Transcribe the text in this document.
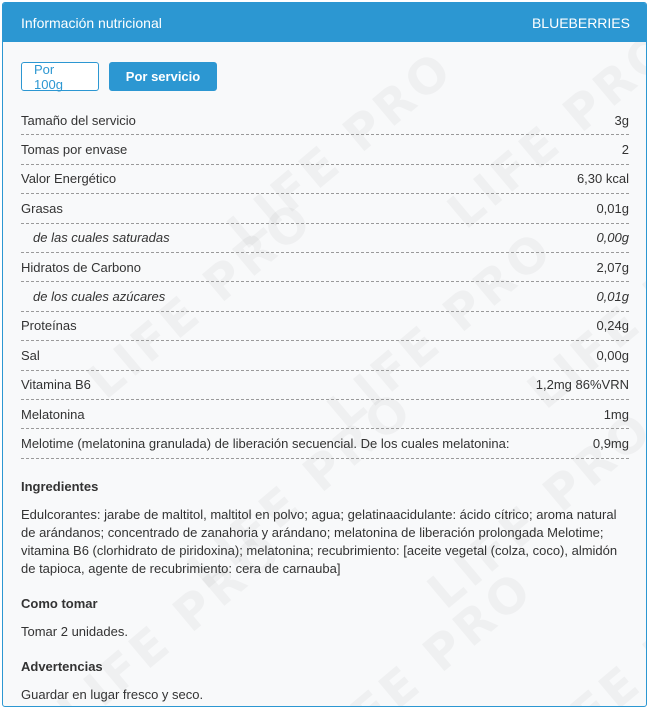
Información nutricional	BLUEBERRIES
Por 100g	Por servicio
Tamaño del servicio	3g
Tomas por envase	2
Valor Energético	6,30 kcal
Grasas	0,01g
de las cuales saturadas	0,00g
Hidratos de Carbono	2,07g
de los cuales azúcares	0,01g
Proteínas	0,24g
Sal	0,00g
Vitamina B6	1,2mg 86%VRN
Melatonina	1mg
Melotime (melatonina granulada) de liberación secuencial. De los cuales melatonina:	0,9mg
Ingredientes
Edulcorantes: jarabe de maltitol, maltitol en polvo; agua; gelatinaacidulante: ácido cítrico; aroma natural de arándanos; concentrado de zanahoria y arándano; melatonina de liberación prolongada Melotime; vitamina B6 (clorhidrato de piridoxina); melatonina; recubrimiento: [aceite vegetal (colza, coco), almidón de tapioca, agente de recubrimiento: cera de carnauba]
Como tomar
Tomar 2 unidades.
Advertencias
Guardar en lugar fresco y seco.
